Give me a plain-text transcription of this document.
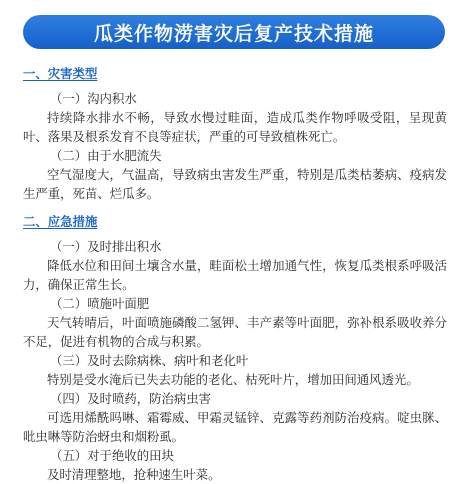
瓜类作物涝害灾后复产技术措施

一、灾害类型

（一）沟内积水

持续降水排水不畅，导致水慢过畦面，造成瓜类作物呼吸受阻，呈现黄叶、落果及根系发育不良等症状，严重的可导致植株死亡。

（二）由于水肥流失

空气湿度大，气温高，导致病虫害发生严重，特别是瓜类枯萎病、疫病发生严重，死苗、烂瓜多。

二、应急措施

（一）及时排出积水

降低水位和田间土壤含水量，畦面松土增加通气性，恢复瓜类根系呼吸活力，确保正常生长。

（二）喷施叶面肥

天气转晴后，叶面喷施磷酸二氢钾、丰产素等叶面肥，弥补根系吸收养分不足，促进有机物的合成与积累。

（三）及时去除病株、病叶和老化叶

特别是受水淹后已失去功能的老化、枯死叶片，增加田间通风透光。

（四）及时喷药，防治病虫害

可选用烯酰吗啉、霜霉威、甲霜灵锰锌、克露等药剂防治疫病。啶虫脒、吡虫啉等防治蚜虫和烟粉虱。

（五）对于绝收的田块

及时清理整地，抢种速生叶菜。
